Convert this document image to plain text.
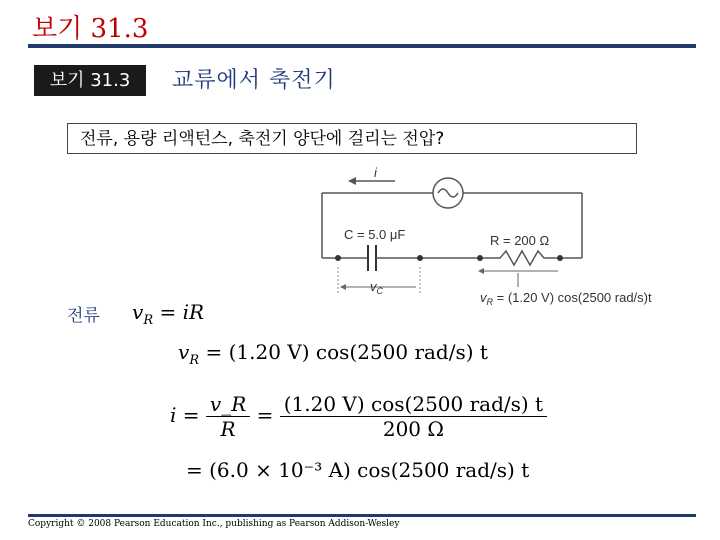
보기 31.3
보기 31.3	교류에서 축전기
전류, 용량 리액턴스, 축전기 양단에 걸리는 전압?
i
C = 5.0 μF	R = 200 Ω
$v_C$	$v_R = (1.20$ V) cos(2500 rad/s)t
전류 $v_R$ = iR
$v_R = (1.20$ V) cos(2500 rad/s) t
$i = \frac{v\_R}{R} = \frac{\text{(1.20 V) cos(2500 rad/s) t}}{200 \Omega}$
= (6.0 × 10⁻³ A) cos(2500 rad/s) t
Copyright © 2008 Pearson Education Inc., publishing as Pearson Addison-Wesley
